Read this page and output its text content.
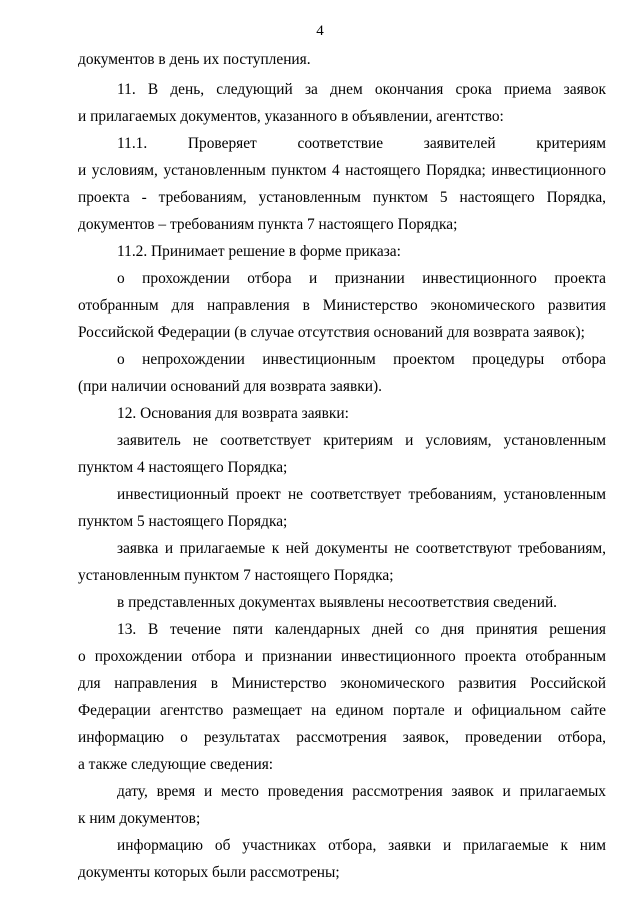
4
документов в день их поступления.
11. В день, следующий за днем окончания срока приема заявок
и прилагаемых документов, указанного в объявлении, агентство:
11.1. Проверяет соответствие заявителей критериям
и условиям, установленным пунктом 4 настоящего Порядка; инвестиционного
проекта - требованиям, установленным пунктом 5 настоящего Порядка,
документов – требованиям пункта 7 настоящего Порядка;
11.2. Принимает решение в форме приказа:
о прохождении отбора и признании инвестиционного проекта
отобранным для направления в Министерство экономического развития
Российской Федерации (в случае отсутствия оснований для возврата заявок);
о непрохождении инвестиционным проектом процедуры отбора
(при наличии оснований для возврата заявки).
12. Основания для возврата заявки:
заявитель не соответствует критериям и условиям, установленным
пунктом 4 настоящего Порядка;
инвестиционный проект не соответствует требованиям, установленным
пунктом 5 настоящего Порядка;
заявка и прилагаемые к ней документы не соответствуют требованиям,
установленным пунктом 7 настоящего Порядка;
в представленных документах выявлены несоответствия сведений.
13. В течение пяти календарных дней со дня принятия решения
о прохождении отбора и признании инвестиционного проекта отобранным
для направления в Министерство экономического развития Российской
Федерации агентство размещает на едином портале и официальном сайте
информацию о результатах рассмотрения заявок, проведении отбора,
а также следующие сведения:
дату, время и место проведения рассмотрения заявок и прилагаемых
к ним документов;
информацию об участниках отбора, заявки и прилагаемые к ним
документы которых были рассмотрены;
